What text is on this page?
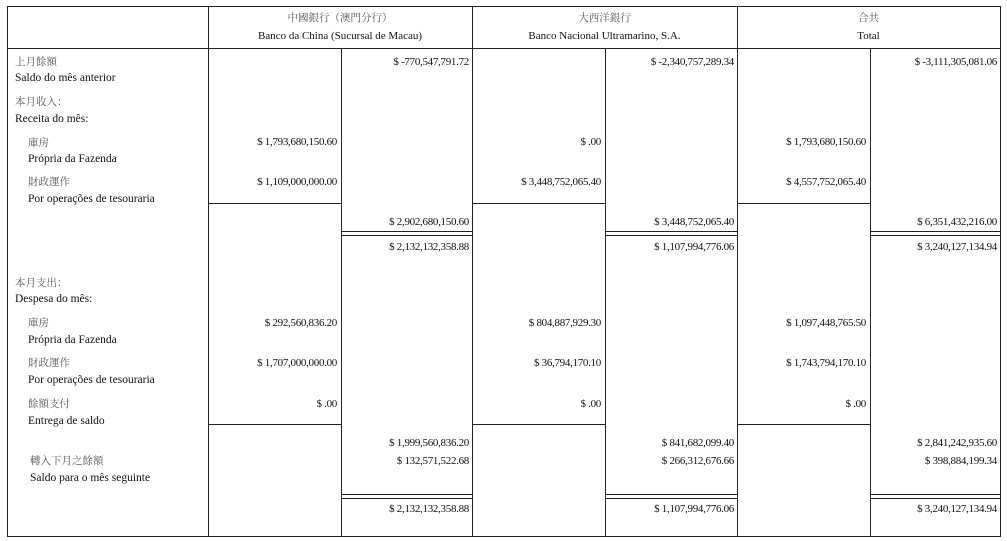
中國銀行（澳門分行）
Banco da China (Sucursal de Macau)
大西洋銀行
Banco Nacional Ultramarino, S.A.
合共
Total
上月餘額
Saldo do mês anterior
本月收入：
Receita do mês:
庫房
Própria da Fazenda
財政運作
Por operações de tesouraria
本月支出：
Despesa do mês:
庫房
Própria da Fazenda
財政運作
Por operações de tesouraria
餘額支付
Entrega de saldo
轉入下月之餘額
Saldo para o mês seguinte
$ -770,547,791.72
$ 1,793,680,150.60
$ 1,109,000,000.00
$ 2,902,680,150.60
$ 2,132,132,358.88
$ 292,560,836.20
$ 1,707,000,000.00
$ .00
$ 1,999,560,836.20
$ 132,571,522.68
$ 2,132,132,358.88
$ -2,340,757,289.34
$ .00
$ 3,448,752,065.40
$ 3,448,752,065.40
$ 1,107,994,776.06
$ 804,887,929.30
$ 36,794,170.10
$ .00
$ 841,682,099.40
$ 266,312,676.66
$ 1,107,994,776.06
$ -3,111,305,081.06
$ 1,793,680,150.60
$ 4,557,752,065.40
$ 6,351,432,216.00
$ 3,240,127,134.94
$ 1,097,448,765.50
$ 1,743,794,170.10
$ .00
$ 2,841,242,935.60
$ 398,884,199.34
$ 3,240,127,134.94
